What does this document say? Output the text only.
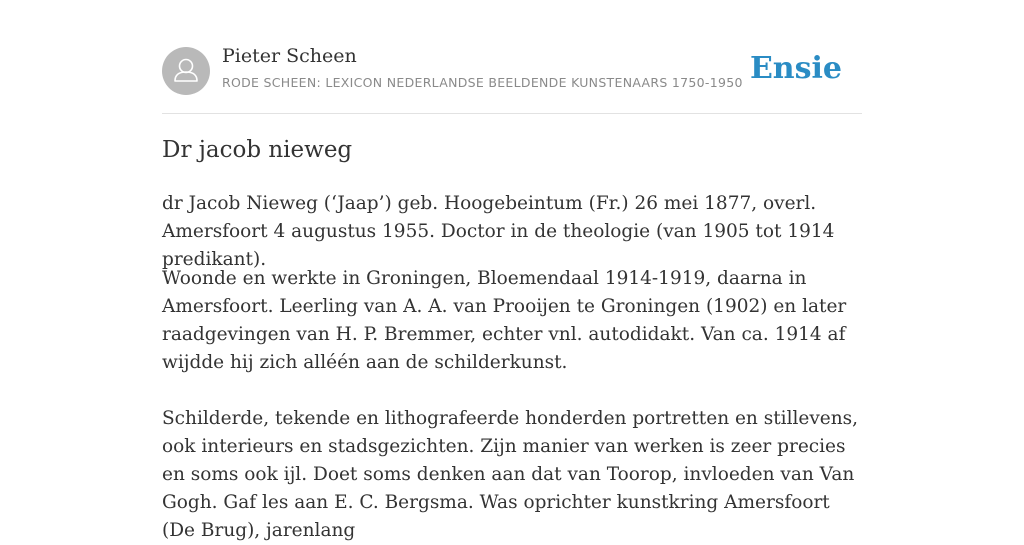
Pieter Scheen
RODE SCHEEN: LEXICON NEDERLANDSE BEELDENDE KUNSTENAARS 1750-1950 Ensie
Dr jacob nieweg

dr Jacob Nieweg (‘Jaap’) geb. Hoogebeintum (Fr.) 26 mei 1877, overl. Amersfoort 4 augustus 1955. Doctor in de theologie (van 1905 tot 1914 predikant).

Woonde en werkte in Groningen, Bloemendaal 1914-1919, daarna in Amersfoort. Leerling van A. A. van Prooijen te Groningen (1902) en later raadgevingen van H. P. Bremmer, echter vnl. autodidakt. Van ca. 1914 af wijdde hij zich alléén aan de schilderkunst.

Schilderde, tekende en lithografeerde honderden portretten en stillevens, ook interieurs en stadsgezichten. Zijn manier van werken is zeer precies en soms ook ijl. Doet soms denken aan dat van Toorop, invloeden van Van Gogh. Gaf les aan E. C. Bergsma. Was oprichter kunstkring Amersfoort (De Brug), jarenlang
